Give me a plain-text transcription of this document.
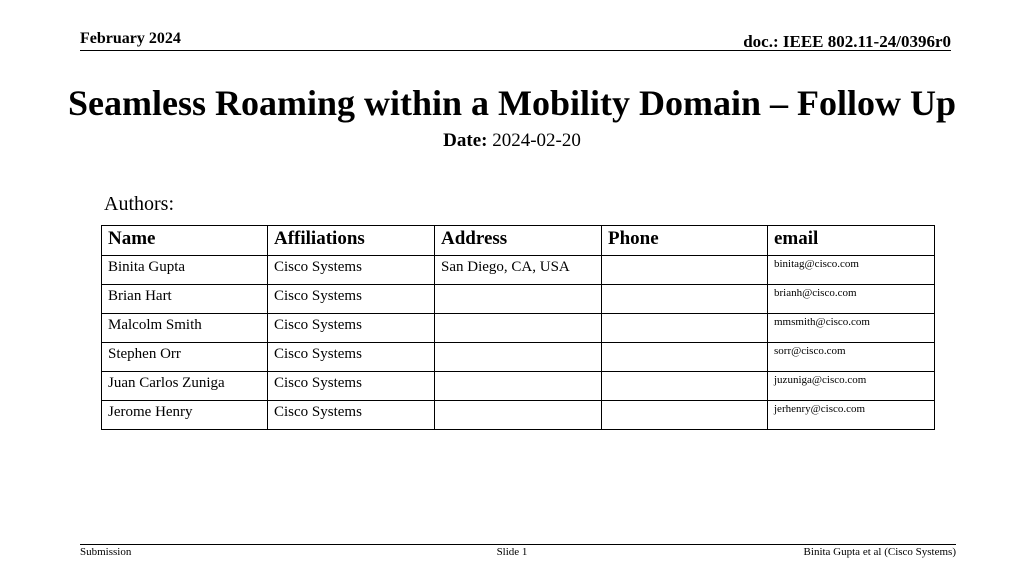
February 2024	doc.: IEEE 802.11-24/0396r0
Seamless Roaming within a Mobility Domain – Follow Up
Date: 2024-02-20
Authors:
Name	Affiliations	Address	Phone	email
Binita Gupta	Cisco Systems	San Diego, CA, USA		binitag@cisco.com
Brian Hart	Cisco Systems			brianh@cisco.com
Malcolm Smith	Cisco Systems			mmsmith@cisco.com
Stephen Orr	Cisco Systems			sorr@cisco.com
Juan Carlos Zuniga	Cisco Systems			juzuniga@cisco.com
Jerome Henry	Cisco Systems			jerhenry@cisco.com
Submission	Slide 1	Binita Gupta et al (Cisco Systems)
